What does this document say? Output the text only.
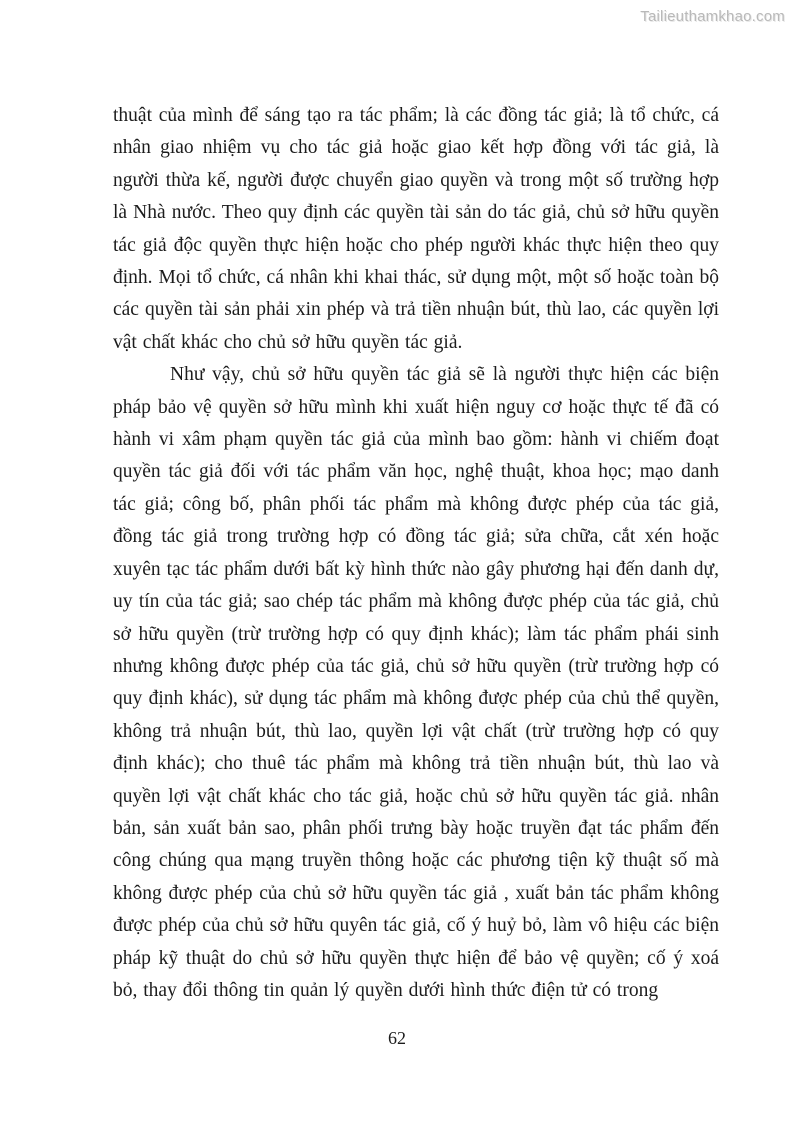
Tailieuthamkhao.com

thuật của mình để sáng tạo ra tác phẩm; là các đồng tác giả; là tổ chức, cá nhân giao nhiệm vụ cho tác giả hoặc giao kết hợp đồng với tác giả, là người thừa kế, người được chuyển giao quyền và trong một số trường hợp là Nhà nước. Theo quy định các quyền tài sản do tác giả, chủ sở hữu quyền tác giả độc quyền thực hiện hoặc cho phép người khác thực hiện theo quy định. Mọi tổ chức, cá nhân khi khai thác, sử dụng một, một số hoặc toàn bộ các quyền tài sản phải xin phép và trả tiền nhuận bút, thù lao, các quyền lợi vật chất khác cho chủ sở hữu quyền tác giả.

Như vậy, chủ sở hữu quyền tác giả sẽ là người thực hiện các biện pháp bảo vệ quyền sở hữu mình khi xuất hiện nguy cơ hoặc thực tế đã có hành vi xâm phạm quyền tác giả của mình bao gồm: hành vi chiếm đoạt quyền tác giả đối với tác phẩm văn học, nghệ thuật, khoa học; mạo danh tác giả; công bố, phân phối tác phẩm mà không được phép của tác giả, đồng tác giả trong trường hợp có đồng tác giả; sửa chữa, cắt xén hoặc xuyên tạc tác phẩm dưới bất kỳ hình thức nào gây phương hại đến danh dự, uy tín của tác giả; sao chép tác phẩm mà không được phép của tác giả, chủ sở hữu quyền (trừ trường hợp có quy định khác); làm tác phẩm phái sinh nhưng không được phép của tác giả, chủ sở hữu quyền (trừ trường hợp có quy định khác), sử dụng tác phẩm mà không được phép của chủ thể quyền, không trả nhuận bút, thù lao, quyền lợi vật chất (trừ trường hợp có quy định khác); cho thuê tác phẩm mà không trả tiền nhuận bút, thù lao và quyền lợi vật chất khác cho tác giả, hoặc chủ sở hữu quyền tác giả. nhân bản, sản xuất bản sao, phân phối trưng bày hoặc truyền đạt tác phẩm đến công chúng qua mạng truyền thông hoặc các phương tiện kỹ thuật số mà không được phép của chủ sở hữu quyền tác giả , xuất bản tác phẩm không được phép của chủ sở hữu quyên tác giả, cố ý huỷ bỏ, làm vô hiệu các biện pháp kỹ thuật do chủ sở hữu quyền thực hiện để bảo vệ quyền; cố ý xoá bỏ, thay đổi thông tin quản lý quyền dưới hình thức điện tử có trong

62
